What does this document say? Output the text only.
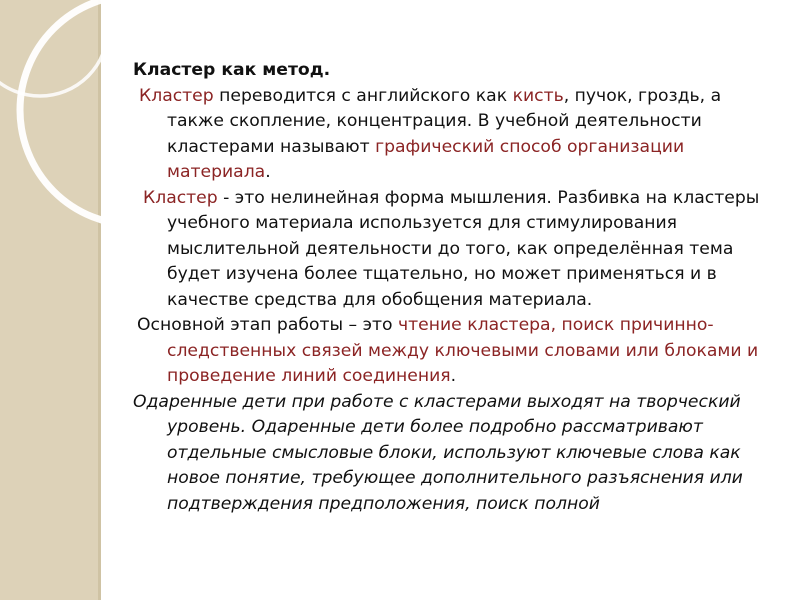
Кластер как метод.

Кластер переводится с английского как кисть, пучок, гроздь, а также скопление, концентрация. В учебной деятельности кластерами называют графический способ организации материала.

Кластер - это нелинейная форма мышления. Разбивка на кластеры учебного материала используется для стимулирования мыслительной деятельности до того, как определённая тема будет изучена более тщательно, но может применяться и в качестве средства для обобщения материала.

Основной этап работы – это чтение кластера, поиск причинно-следственных связей между ключевыми словами или блоками и проведение линий соединения.

Одаренные дети при работе с кластерами выходят на творческий уровень. Одаренные дети более подробно рассматривают отдельные смысловые блоки, используют ключевые слова как новое понятие, требующее дополнительного разъяснения или подтверждения предположения, поиск полной
